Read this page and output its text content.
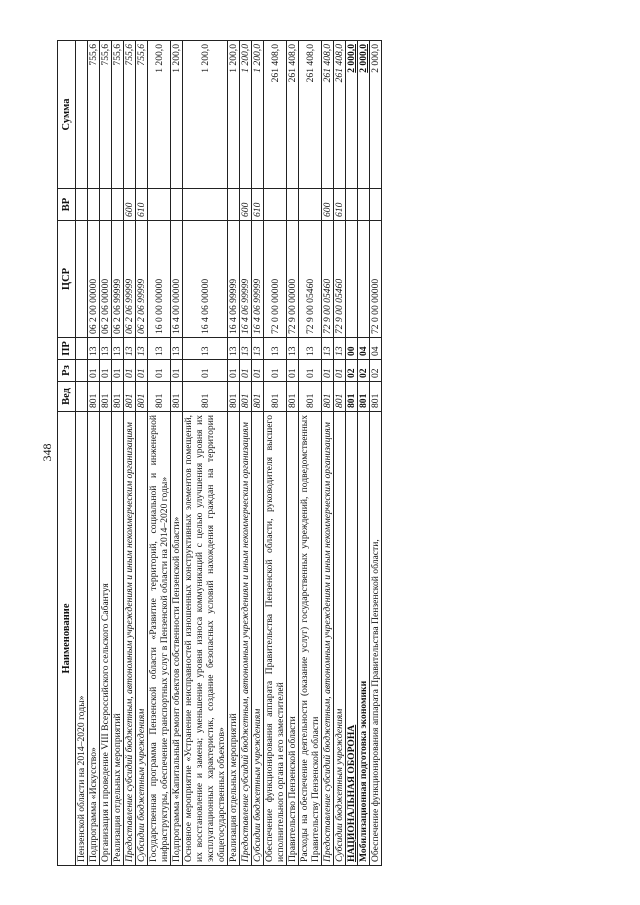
348
Наименование	Вед	Рз	ПР	ЦСР	ВР	Сумма
Пензенской области на 2014–2020 годы»						
Подпрограмма «Искусство»	801	01	13	06 2 00 00000		755,6
Организация и проведение VIII Всероссийского сельского Сабантуя	801	01	13	06 2 06 00000		755,6
Реализация отдельных мероприятий	801	01	13	06 2 06 99999		755,6
Предоставление субсидий бюджетным, автономным учреждениям и иным некоммерческим организациям	801	01	13	06 2 06 99999	600	755,6
Субсидии бюджетным учреждениям	801	01	13	06 2 06 99999	610	755,6
Государственная программа Пензенской области «Развитие территорий, социальной и инженерной инфраструктуры, обеспечение транспортных услуг в Пензенской области на 2014–2020 годы»	801	01	13	16 0 00 00000		1 200,0
Подпрограмма «Капитальный ремонт объектов собственности Пензенской области»	801	01	13	16 4 00 00000		1 200,0
Основное мероприятие «Устранение неисправностей изношенных конструктивных элементов помещений, их восстановление и замена; уменьшение уровня износа коммуникаций с целью улучшения уровня их эксплуатационных характеристик, создание безопасных условий нахождения граждан на территории общегосударственных объектов»	801	01	13	16 4 06 00000		1 200,0
Реализация отдельных мероприятий	801	01	13	16 4 06 99999		1 200,0
Предоставление субсидий бюджетным, автономным учреждениям и иным некоммерческим организациям	801	01	13	16 4 06 99999	600	1 200,0
Субсидии бюджетным учреждениям	801	01	13	16 4 06 99999	610	1 200,0
Обеспечение функционирования аппарата Правительства Пензенской области, руководителя высшего исполнительного органа и его заместителей	801	01	13	72 0 00 00000		261 408,0
Правительство Пензенской области	801	01	13	72 9 00 00000		261 408,0
Расходы на обеспечение деятельности (оказание услуг) государственных учреждений, подведомственных Правительству Пензенской области	801	01	13	72 9 00 05460		261 408,0
Предоставление субсидий бюджетным, автономным учреждениям и иным некоммерческим организациям	801	01	13	72 9 00 05460	600	261 408,0
Субсидии бюджетным учреждениям	801	01	13	72 9 00 05460	610	261 408,0
НАЦИОНАЛЬНАЯ ОБОРОНА	801	02	00			2 000,0
Мобилизационная подготовка экономики	801	02	04			2 000,0
Обеспечение функционирования аппарата Правительства Пензенской области,	801	02	04	72 0 00 00000		2 000,0
